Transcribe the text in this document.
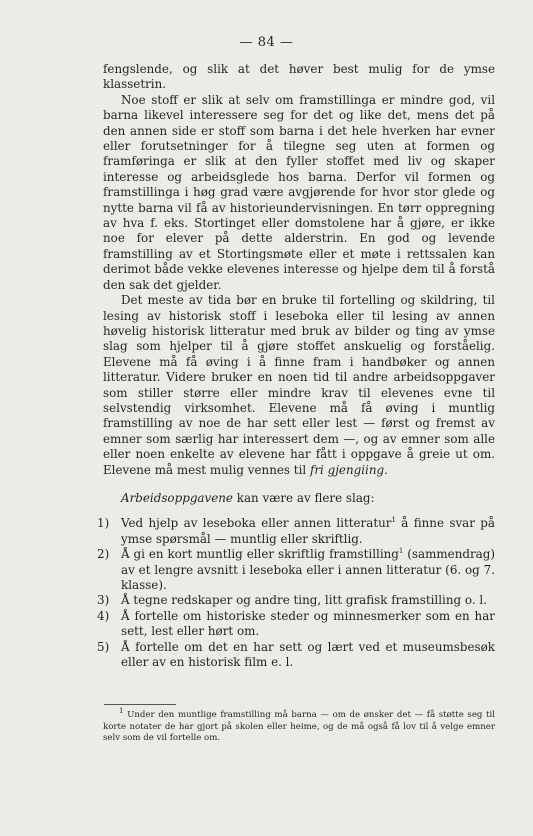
— 84 —

fengslende, og slik at det høver best mulig for de ymse klassetrin.

Noe stoff er slik at selv om framstillinga er mindre god, vil barna likevel interessere seg for det og like det, mens det på den annen side er stoff som barna i det hele hverken har evner eller forutsetninger for å tilegne seg uten at formen og framføringa er slik at den fyller stoffet med liv og skaper interesse og arbeidsglede hos barna. Derfor vil formen og framstillinga i høg grad være avgjørende for hvor stor glede og nytte barna vil få av historieundervisningen. En tørr oppregning av hva f. eks. Stortinget eller domstolene har å gjøre, er ikke noe for elever på dette alderstrin. En god og levende framstilling av et Stortingsmøte eller et møte i rettssalen kan derimot både vekke elevenes interesse og hjelpe dem til å forstå den sak det gjelder.

Det meste av tida bør en bruke til fortelling og skildring, til lesing av historisk stoff i leseboka eller til lesing av annen høvelig historisk litteratur med bruk av bilder og ting av ymse slag som hjelper til å gjøre stoffet anskuelig og forståelig. Elevene må få øving i å finne fram i handbøker og annen litteratur. Videre bruker en noen tid til andre arbeidsoppgaver som stiller større eller mindre krav til elevenes evne til selvstendig virksomhet. Elevene må få øving i muntlig framstilling av noe de har sett eller lest — først og fremst av emner som særlig har interessert dem —, og av emner som alle eller noen enkelte av elevene har fått i oppgave å greie ut om. Elevene må mest mulig vennes til fri gjengiing.

Arbeidsoppgavene kan være av flere slag:

1) Ved hjelp av leseboka eller annen litteratur$^1$ å finne svar på ymse spørsmål — muntlig eller skriftlig.
2) Å gi en kort muntlig eller skriftlig framstilling$^1$ (sammendrag) av et lengre avsnitt i leseboka eller i annen litteratur (6. og 7. klasse).
3) Å tegne redskaper og andre ting, litt grafisk framstilling o. l.
4) Å fortelle om historiske steder og minnesmerker som en har sett, lest eller hørt om.
5) Å fortelle om det en har sett og lært ved et museumsbesøk eller av en historisk film e. l.
$^1$ Under den muntlige framstilling må barna — om de ønsker det — få støtte seg til korte notater de har gjort på skolen eller heime, og de må også få lov til å velge emner selv som de vil fortelle om.
